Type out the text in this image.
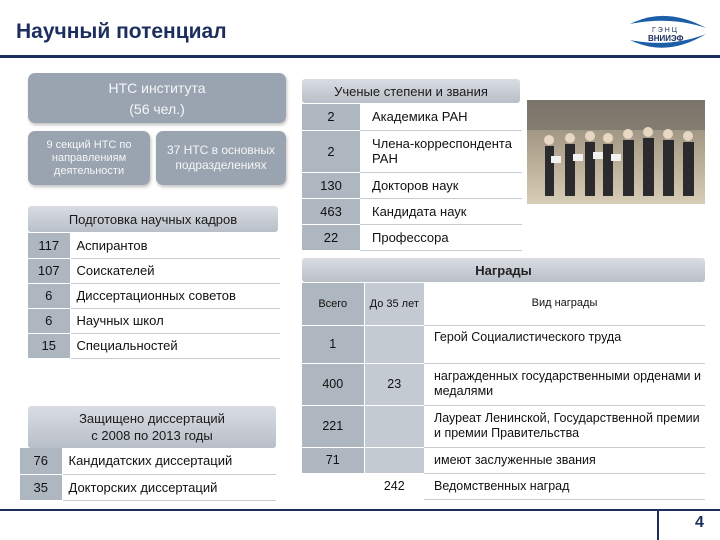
Научный потенциал	Г Э Н Ц
ВНИИЭФ
НТС института
(56 чел.)
9 секций НТС по направлениям деятельности
37 НТС в основных подразделениях
Подготовка научных кадров
117	Аспирантов
107	Соискателей
6	Диссертационных советов
6	Научных школ
15	Специальностей
Защищено диссертаций
с 2008 по 2013 годы
76	Кандидатских диссертаций
35	Докторских диссертаций
Ученые степени и звания
2	Академика РАН
2	Члена-корреспондента РАН
130	Докторов наук
463	Кандидата наук
22	Профессора
Награды
Всего	До 35 лет	Вид награды
1		Герой Социалистического труда
400	23	награжденных государственными орденами и медалями
221		Лауреат Ленинской, Государственной премии и премии Правительства
71		имеют заслуженные звания
	242	Ведомственных наград
4
